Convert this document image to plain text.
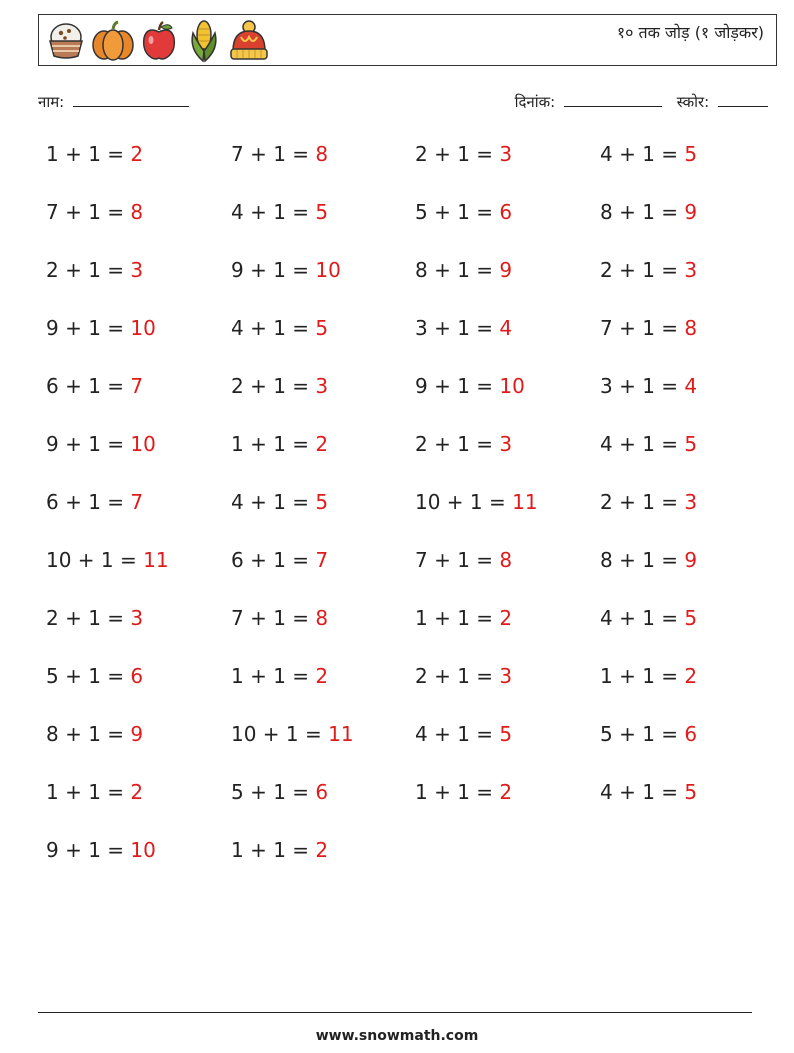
१० तक जोड़ (१ जोड़कर)
नाम:	दिनांक:	स्कोर:
1 + 1 = 2	7 + 1 = 8	2 + 1 = 3	4 + 1 = 5
7 + 1 = 8	4 + 1 = 5	5 + 1 = 6	8 + 1 = 9
2 + 1 = 3	9 + 1 = 10	8 + 1 = 9	2 + 1 = 3
9 + 1 = 10	4 + 1 = 5	3 + 1 = 4	7 + 1 = 8
6 + 1 = 7	2 + 1 = 3	9 + 1 = 10	3 + 1 = 4
9 + 1 = 10	1 + 1 = 2	2 + 1 = 3	4 + 1 = 5
6 + 1 = 7	4 + 1 = 5	10 + 1 = 11	2 + 1 = 3
10 + 1 = 11	6 + 1 = 7	7 + 1 = 8	8 + 1 = 9
2 + 1 = 3	7 + 1 = 8	1 + 1 = 2	4 + 1 = 5
5 + 1 = 6	1 + 1 = 2	2 + 1 = 3	1 + 1 = 2
8 + 1 = 9	10 + 1 = 11	4 + 1 = 5	5 + 1 = 6
1 + 1 = 2	5 + 1 = 6	1 + 1 = 2	4 + 1 = 5
9 + 1 = 10	1 + 1 = 2
www.snowmath.com
